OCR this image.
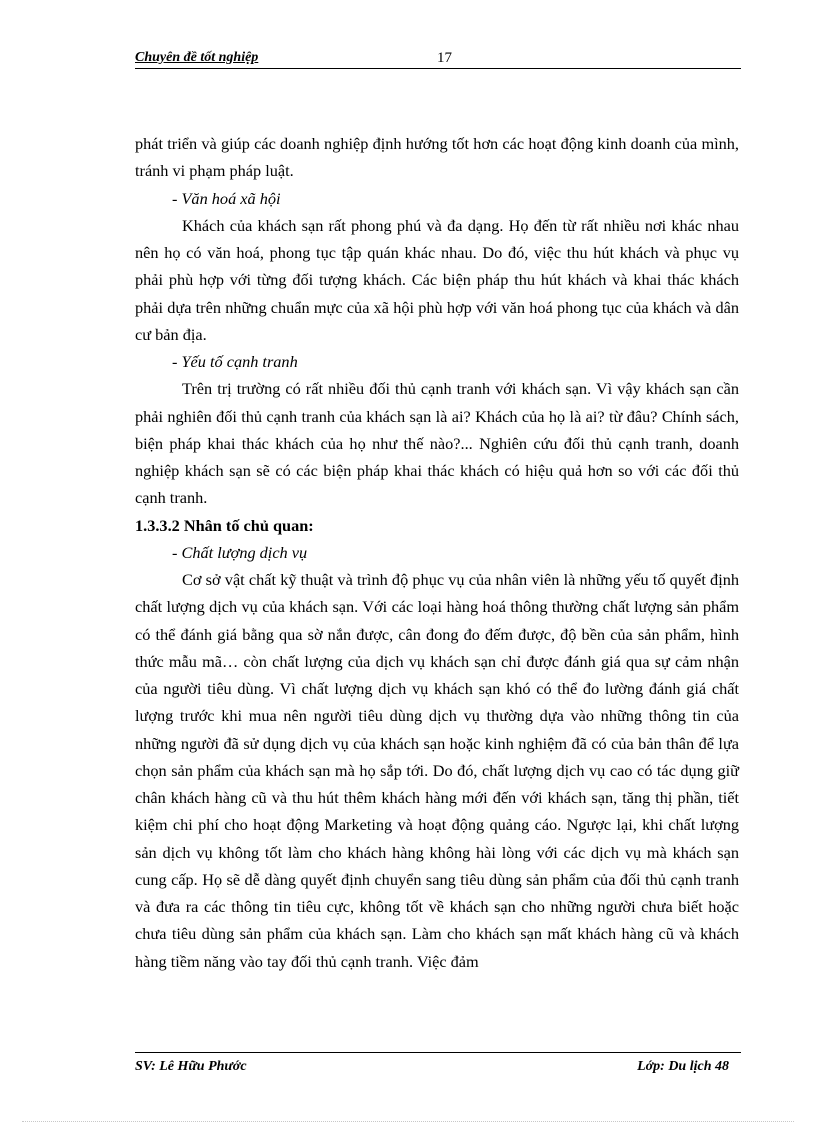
Chuyên đề tốt nghiệp	17

phát triển và giúp các doanh nghiệp định hướng tốt hơn các hoạt động kinh doanh của mình, tránh vi phạm pháp luật.

- Văn hoá xã hội

Khách của khách sạn rất phong phú và đa dạng. Họ đến từ rất nhiều nơi khác nhau nên họ có văn hoá, phong tục tập quán khác nhau. Do đó, việc thu hút khách và phục vụ phải phù hợp với từng đối tượng khách. Các biện pháp thu hút khách và khai thác khách phải dựa trên những chuẩn mực của xã hội phù hợp với văn hoá phong tục của khách và dân cư bản địa.

- Yếu tố cạnh tranh

Trên trị trường có rất nhiều đối thủ cạnh tranh với khách sạn. Vì vậy khách sạn cần phải nghiên đối thủ cạnh tranh của khách sạn là ai? Khách của họ là ai? từ đâu? Chính sách, biện pháp khai thác khách của họ như thế nào?... Nghiên cứu đối thủ cạnh tranh, doanh nghiệp khách sạn sẽ có các biện pháp khai thác khách có hiệu quả hơn so với các đối thủ cạnh tranh.

1.3.3.2 Nhân tố chủ quan:

- Chất lượng dịch vụ

Cơ sở vật chất kỹ thuật và trình độ phục vụ của nhân viên là những yếu tố quyết định chất lượng dịch vụ của khách sạn. Với các loại hàng hoá thông thường chất lượng sản phẩm có thể đánh giá bằng qua sờ nắn được, cân đong đo đếm được, độ bền của sản phẩm, hình thức mẫu mã… còn chất lượng của dịch vụ khách sạn chỉ được đánh giá qua sự cảm nhận của người tiêu dùng. Vì chất lượng dịch vụ khách sạn khó có thể đo lường đánh giá chất lượng trước khi mua nên người tiêu dùng dịch vụ thường dựa vào những thông tin của những người đã sử dụng dịch vụ của khách sạn hoặc kinh nghiệm đã có của bản thân để lựa chọn sản phẩm của khách sạn mà họ sắp tới. Do đó, chất lượng dịch vụ cao có tác dụng giữ chân khách hàng cũ và thu hút thêm khách hàng mới đến với khách sạn, tăng thị phần, tiết kiệm chi phí cho hoạt động Marketing và hoạt động quảng cáo. Ngược lại, khi chất lượng sản dịch vụ không tốt làm cho khách hàng không hài lòng với các dịch vụ mà khách sạn cung cấp. Họ sẽ dễ dàng quyết định chuyển sang tiêu dùng sản phẩm của đối thủ cạnh tranh và đưa ra các thông tin tiêu cực, không tốt về khách sạn cho những người chưa biết hoặc chưa tiêu dùng sản phẩm của khách sạn. Làm cho khách sạn mất khách hàng cũ và khách hàng tiềm năng vào tay đối thủ cạnh tranh. Việc đảm

SV: Lê Hữu Phước	Lớp: Du lịch 48
